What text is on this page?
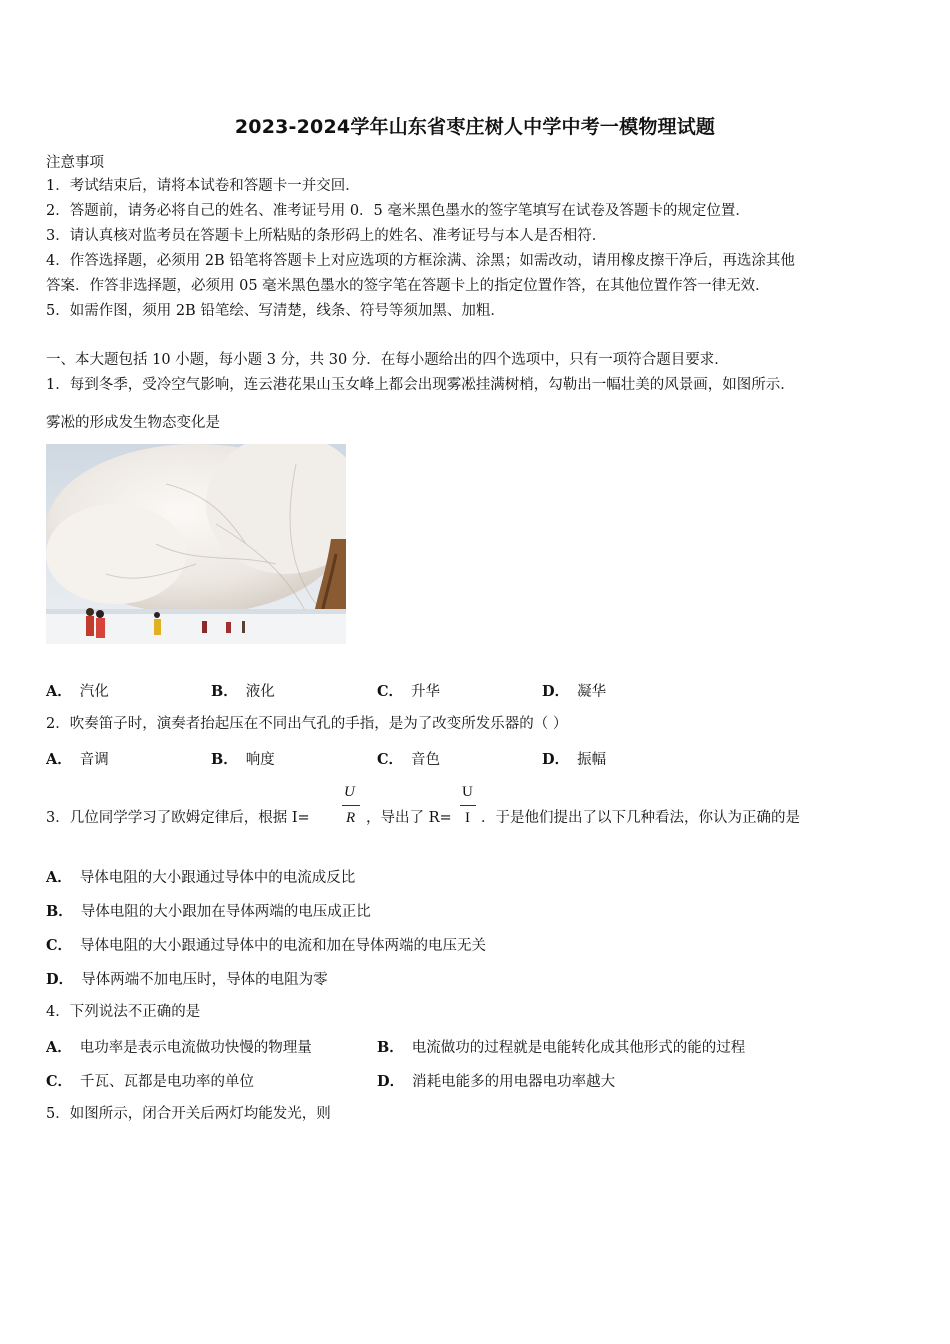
2023-2024学年山东省枣庄树人中学中考一模物理试题
注意事项
1．考试结束后，请将本试卷和答题卡一并交回．
2．答题前，请务必将自己的姓名、准考证号用 0．5 毫米黑色墨水的签字笔填写在试卷及答题卡的规定位置．
3．请认真核对监考员在答题卡上所粘贴的条形码上的姓名、准考证号与本人是否相符．
4．作答选择题，必须用 2B 铅笔将答题卡上对应选项的方框涂满、涂黑；如需改动，请用橡皮擦干净后，再选涂其他
答案．作答非选择题，必须用 05 毫米黑色墨水的签字笔在答题卡上的指定位置作答，在其他位置作答一律无效．
5．如需作图，须用 2B 铅笔绘、写清楚，线条、符号等须加黑、加粗．
一、本大题包括 10 小题，每小题 3 分，共 30 分．在每小题给出的四个选项中，只有一项符合题目要求．
1．每到冬季，受冷空气影响，连云港花果山玉女峰上都会出现雾凇挂满树梢，勾勒出一幅壮美的风景画，如图所示．
雾凇的形成发生物态变化是
A． 汽化	B． 液化	C． 升华	D． 凝华
2．吹奏笛子时，演奏者抬起压在不同出气孔的手指，是为了改变所发乐器的（ ）
A． 音调	B． 响度	C． 音色	D． 振幅
3．几位同学学习了欧姆定律后，根据 I=
U
R ，导出了 R=
U
I ．于是他们提出了以下几种看法，你认为正确的是
A． 导体电阻的大小跟通过导体中的电流成反比
B． 导体电阻的大小跟加在导体两端的电压成正比
C． 导体电阻的大小跟通过导体中的电流和加在导体两端的电压无关
D． 导体两端不加电压时，导体的电阻为零
4．下列说法不正确的是
A． 电功率是表示电流做功快慢的物理量	B． 电流做功的过程就是电能转化成其他形式的能的过程
C． 千瓦、瓦都是电功率的单位	D． 消耗电能多的用电器电功率越大
5．如图所示，闭合开关后两灯均能发光，则
